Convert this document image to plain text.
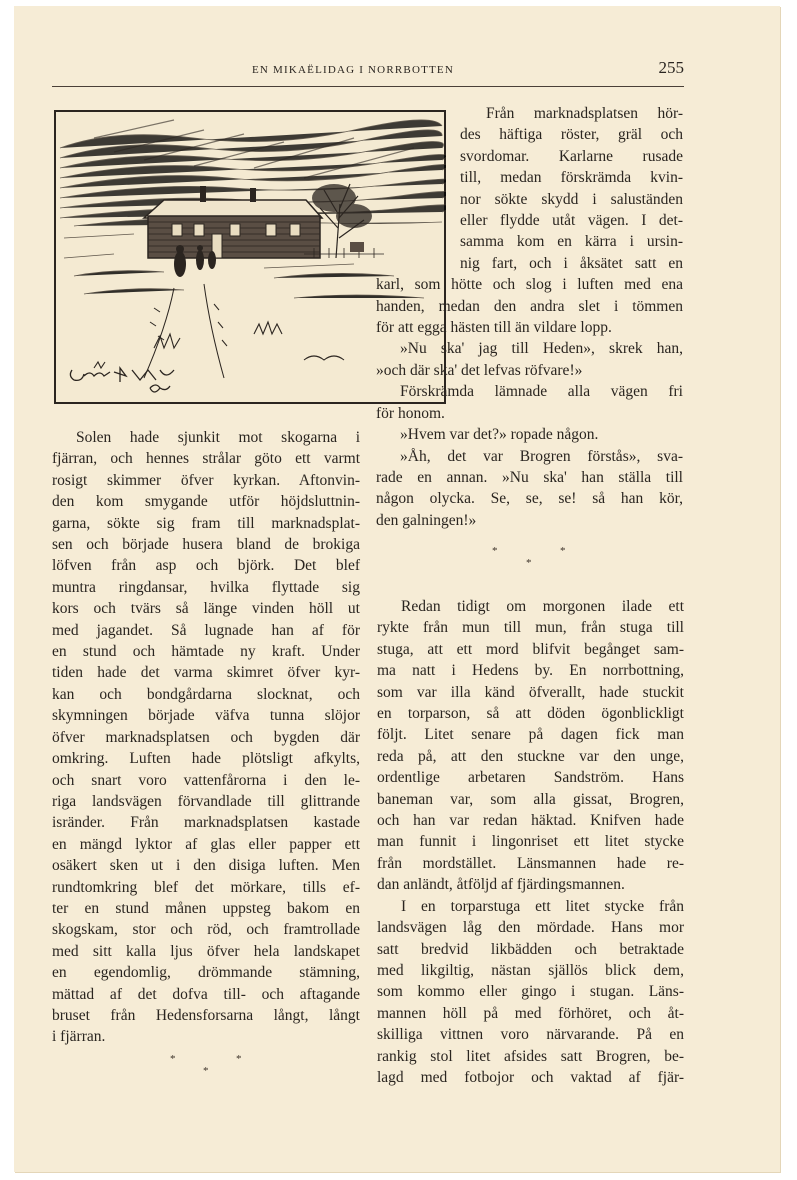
EN MIKAËLIDAG I NORRBOTTEN	255

Från marknadsplatsen hör-
des häftiga röster, gräl och
svordomar. Karlarne rusade
till, medan förskrämda kvin-
nor sökte skydd i saluständen
eller flydde utåt vägen. I det-
samma kom en kärra i ursin-
nig fart, och i åksätet satt en
karl, som hötte och slog i luften med ena
handen, medan den andra slet i tömmen
för att egga hästen till än vildare lopp.

»Nu ska' jag till Heden», skrek han,
»och där ska' det lefvas röfvare!»

Förskrämda lämnade alla vägen fri
för honom.

»Hvem var det?» ropade någon.

»Åh, det var Brogren förstås», sva-
rade en annan. »Nu ska' han ställa till
någon olycka. Se, se, se! så han kör,
den galningen!»

Solen hade sjunkit mot skogarna i
fjärran, och hennes strålar göto ett varmt
rosigt skimmer öfver kyrkan. Aftonvin-
den kom smygande utför höjdsluttnin-
garna, sökte sig fram till marknadsplat-
sen och började husera bland de brokiga
löfven från asp och björk. Det blef
muntra ringdansar, hvilka flyttade sig
kors och tvärs så länge vinden höll ut
med jagandet. Så lugnade han af för
en stund och hämtade ny kraft. Under
tiden hade det varma skimret öfver kyr-
kan och bondgårdarna slocknat, och
skymningen började väfva tunna slöjor
öfver marknadsplatsen och bygden där
omkring. Luften hade plötsligt afkylts,
och snart voro vattenfårorna i den le-
riga landsvägen förvandlade till glittrande
isränder. Från marknadsplatsen kastade
en mängd lyktor af glas eller papper ett
osäkert sken ut i den disiga luften. Men
rundtomkring blef det mörkare, tills ef-
ter en stund månen uppsteg bakom en
skogskam, stor och röd, och framtrollade
med sitt kalla ljus öfver hela landskapet
en egendomlig, drömmande stämning,
mättad af det dofva till- och aftagande
bruset från Hedensforsarna långt, långt
i fjärran.

Redan tidigt om morgonen ilade ett
rykte från mun till mun, från stuga till
stuga, att ett mord blifvit begånget sam-
ma natt i Hedens by. En norrbottning,
som var illa känd öfverallt, hade stuckit
en torparson, så att döden ögonblickligt
följt. Litet senare på dagen fick man
reda på, att den stuckne var den unge,
ordentlige arbetaren Sandström. Hans
baneman var, som alla gissat, Brogren,
och han var redan häktad. Knifven hade
man funnit i lingonriset ett litet stycke
från mordstället. Länsmannen hade re-
dan anländt, åtföljd af fjärdingsmannen.

I en torparstuga ett litet stycke från
landsvägen låg den mördade. Hans mor
satt bredvid likbädden och betraktade
med likgiltig, nästan själlös blick dem,
som kommo eller gingo i stugan. Läns-
mannen höll på med förhöret, och åt-
skilliga vittnen voro närvarande. På en
rankig stol litet afsides satt Brogren, be-
lagd med fotbojor och vaktad af fjär-

*	*
*
*	*
*
